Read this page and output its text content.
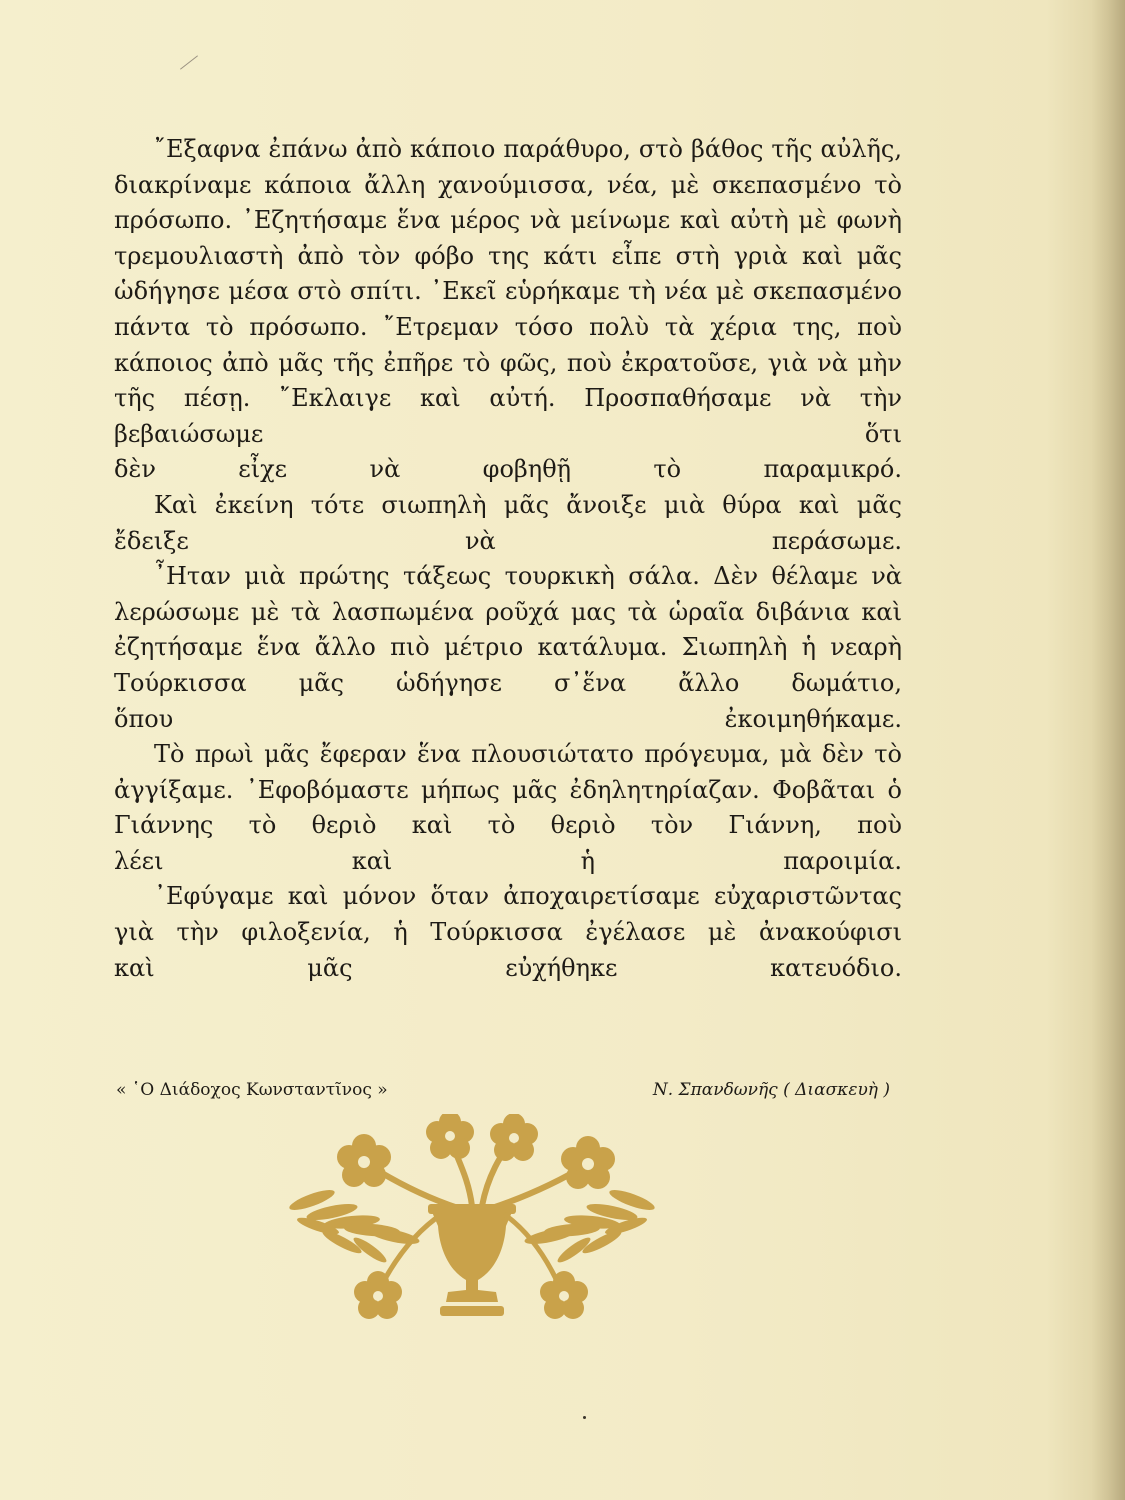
῎Εξαφνα ἐπάνω ἀπὸ κάποιο παράθυρο, στὸ βάθος τῆς αὐλῆς, διακρίναμε κάποια ἄλλη χανούμισσα, νέα, μὲ σκεπασμένο τὸ πρόσωπο. ᾽Εζητήσαμε ἕνα μέρος νὰ μείνωμε καὶ αὐτὴ μὲ φωνὴ τρεμουλιαστὴ ἀπὸ τὸν φόβο της κάτι εἶπε στὴ γριὰ καὶ μᾶς ὡδήγησε μέσα στὸ σπίτι. ᾽Εκεῖ εὑρήκαμε τὴ νέα μὲ σκεπασμένο πάντα τὸ πρόσωπο. ῎Ετρεμαν τόσο πολὺ τὰ χέρια της, ποὺ κάποιος ἀπὸ μᾶς τῆς ἐπῆρε τὸ φῶς, ποὺ ἐκρατοῦσε, γιὰ νὰ μὴν τῆς πέσῃ. ῎Εκλαιγε καὶ αὐτή. Προσπαθήσαμε νὰ τὴν βεβαιώσωμε ὅτι
δὲν εἶχε νὰ φοβηθῇ τὸ παραμικρό.

Καὶ ἐκείνη τότε σιωπηλὴ μᾶς ἄνοιξε μιὰ θύρα καὶ μᾶς
ἔδειξε νὰ περάσωμε.

῏Ηταν μιὰ πρώτης τάξεως τουρκικὴ σάλα. Δὲν θέλαμε νὰ λερώσωμε μὲ τὰ λασπωμένα ροῦχά μας τὰ ὡραῖα διβάνια καὶ ἐζητήσαμε ἕνα ἄλλο πιὸ μέτριο κατάλυμα. Σιωπηλὴ ἡ νεαρὴ Τούρκισσα μᾶς ὡδήγησε σ᾽ἕνα ἄλλο δωμάτιο,
ὅπου ἐκοιμηθήκαμε.

Τὸ πρωὶ μᾶς ἔφεραν ἕνα πλουσιώτατο πρόγευμα, μὰ δὲν τὸ ἀγγίξαμε. ᾽Εφοβόμαστε μήπως μᾶς ἐδηλητηρίαζαν. Φοβᾶται ὁ Γιάννης τὸ θεριὸ καὶ τὸ θεριὸ τὸν Γιάννη, ποὺ
λέει καὶ ἡ παροιμία.

᾽Εφύγαμε καὶ μόνον ὅταν ἀποχαιρετίσαμε εὐχαριστῶντας γιὰ τὴν φιλοξενία, ἡ Τούρκισσα ἐγέλασε μὲ ἀνακούφισι
καὶ μᾶς εὐχήθηκε κατευόδιο.

« ῾Ο Διάδοχος Κωνσταντῖνος »	Ν. Σπανδωνῆς ( Διασκευὴ )
